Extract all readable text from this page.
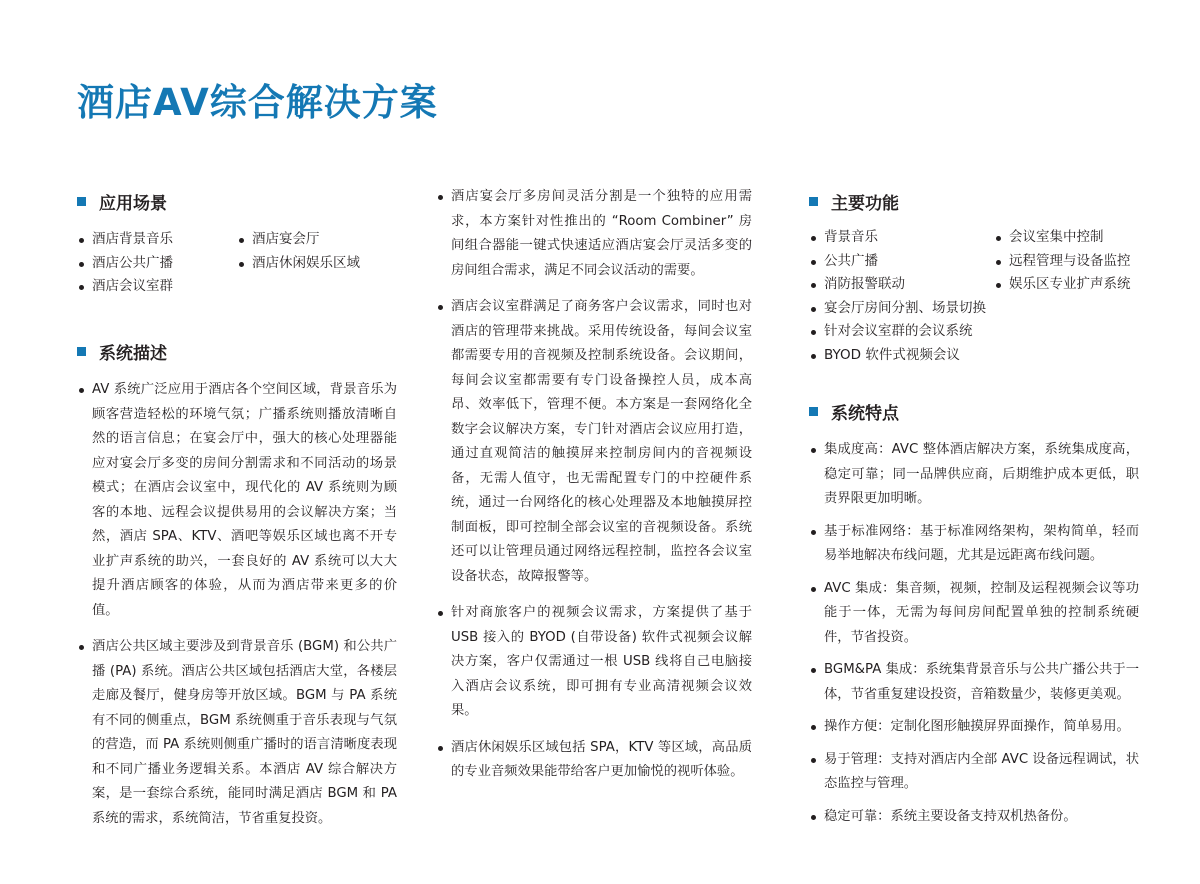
酒店AV综合解决方案
应用场景
酒店背景音乐
酒店公共广播
酒店会议室群
酒店宴会厅
酒店休闲娱乐区域
系统描述
AV 系统广泛应用于酒店各个空间区域，背景音乐为顾客营造轻松的环境气氛；广播系统则播放清晰自然的语言信息；在宴会厅中，强大的核心处理器能应对宴会厅多变的房间分割需求和不同活动的场景模式；在酒店会议室中，现代化的 AV 系统则为顾客的本地、远程会议提供易用的会议解决方案；当然，酒店 SPA、KTV、酒吧等娱乐区域也离不开专业扩声系统的助兴，一套良好的 AV 系统可以大大提升酒店顾客的体验，从而为酒店带来更多的价值。
酒店公共区域主要涉及到背景音乐 (BGM) 和公共广播 (PA) 系统。酒店公共区域包括酒店大堂，各楼层走廊及餐厅，健身房等开放区域。BGM 与 PA 系统有不同的侧重点，BGM 系统侧重于音乐表现与气氛的营造，而 PA 系统则侧重广播时的语言清晰度表现和不同广播业务逻辑关系。本酒店 AV 综合解决方案，是一套综合系统，能同时满足酒店 BGM 和 PA 系统的需求，系统简洁，节省重复投资。
酒店宴会厅多房间灵活分割是一个独特的应用需求，本方案针对性推出的 “Room Combiner” 房间组合器能一键式快速适应酒店宴会厅灵活多变的房间组合需求，满足不同会议活动的需要。
酒店会议室群满足了商务客户会议需求，同时也对酒店的管理带来挑战。采用传统设备，每间会议室都需要专用的音视频及控制系统设备。会议期间，每间会议室都需要有专门设备操控人员，成本高昂、效率低下，管理不便。本方案是一套网络化全数字会议解决方案，专门针对酒店会议应用打造，通过直观简洁的触摸屏来控制房间内的音视频设备，无需人值守，也无需配置专门的中控硬件系统，通过一台网络化的核心处理器及本地触摸屏控制面板，即可控制全部会议室的音视频设备。系统还可以让管理员通过网络远程控制，监控各会议室设备状态，故障报警等。
针对商旅客户的视频会议需求，方案提供了基于 USB 接入的 BYOD (自带设备) 软件式视频会议解决方案，客户仅需通过一根 USB 线将自己电脑接入酒店会议系统，即可拥有专业高清视频会议效果。
酒店休闲娱乐区域包括 SPA，KTV 等区域，高品质的专业音频效果能带给客户更加愉悦的视听体验。
主要功能
背景音乐
公共广播
消防报警联动
宴会厅房间分割、场景切换
针对会议室群的会议系统
BYOD 软件式视频会议
会议室集中控制
远程管理与设备监控
娱乐区专业扩声系统
系统特点
集成度高：AVC 整体酒店解决方案，系统集成度高，稳定可靠；同一品牌供应商，后期维护成本更低，职责界限更加明晰。
基于标准网络：基于标准网络架构，架构简单，轻而易举地解决布线问题，尤其是远距离布线问题。
AVC 集成：集音频，视频，控制及运程视频会议等功能于一体，无需为每间房间配置单独的控制系统硬件，节省投资。
BGM&PA 集成：系统集背景音乐与公共广播公共于一体，节省重复建设投资，音箱数量少，装修更美观。
操作方便：定制化图形触摸屏界面操作，简单易用。
易于管理：支持对酒店内全部 AVC 设备远程调试，状态监控与管理。
稳定可靠：系统主要设备支持双机热备份。
